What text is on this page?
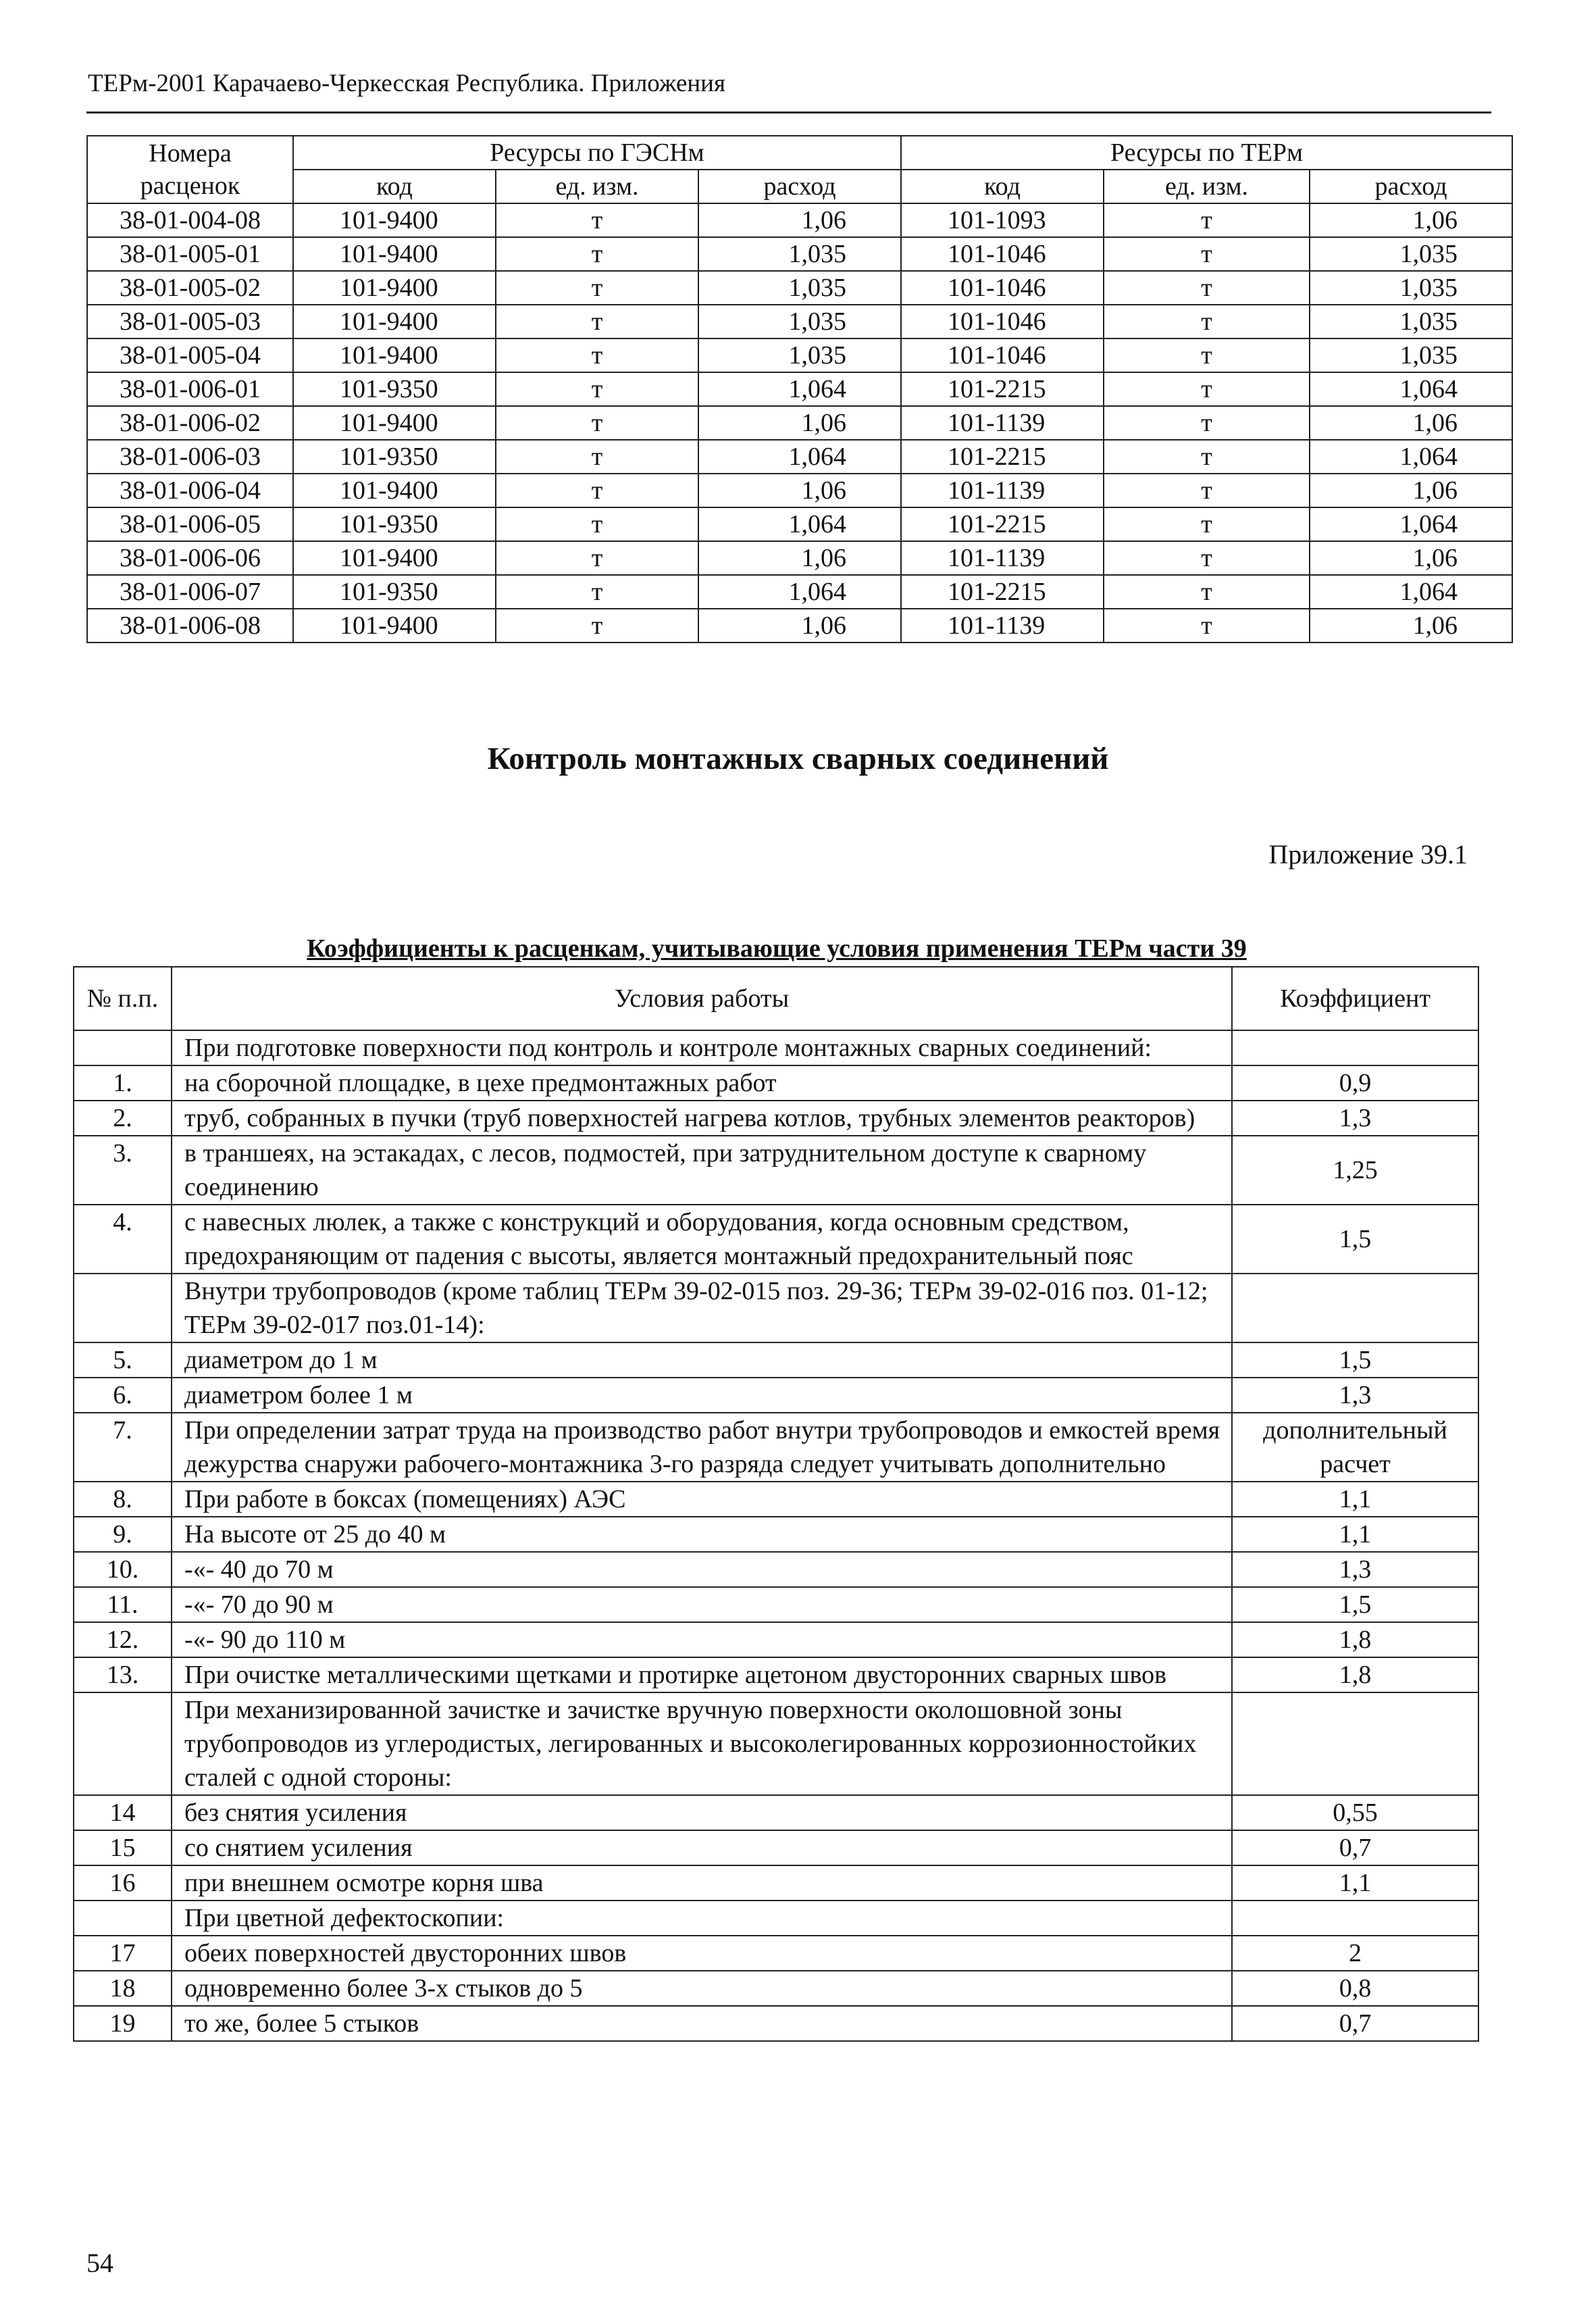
ТЕРм-2001 Карачаево-Черкесская Республика. Приложения
Номера расценок	Ресурсы по ГЭСНм			Ресурсы по ТЕРм		
	код	ед. изм.	расход	код	ед. изм.	расход
38-01-004-08	101-9400	т	1,06	101-1093	т	1,06
38-01-005-01	101-9400	т	1,035	101-1046	т	1,035
38-01-005-02	101-9400	т	1,035	101-1046	т	1,035
38-01-005-03	101-9400	т	1,035	101-1046	т	1,035
38-01-005-04	101-9400	т	1,035	101-1046	т	1,035
38-01-006-01	101-9350	т	1,064	101-2215	т	1,064
38-01-006-02	101-9400	т	1,06	101-1139	т	1,06
38-01-006-03	101-9350	т	1,064	101-2215	т	1,064
38-01-006-04	101-9400	т	1,06	101-1139	т	1,06
38-01-006-05	101-9350	т	1,064	101-2215	т	1,064
38-01-006-06	101-9400	т	1,06	101-1139	т	1,06
38-01-006-07	101-9350	т	1,064	101-2215	т	1,064
38-01-006-08	101-9400	т	1,06	101-1139	т	1,06
Контроль монтажных сварных соединений
Приложение 39.1
Коэффициенты к расценкам, учитывающие условия применения ТЕРм части 39
№ п.п.	Условия работы	Коэффициент
	При подготовке поверхности под контроль и контроле монтажных сварных соединений:	
1.	на сборочной площадке, в цехе предмонтажных работ	0,9
2.	труб, собранных в пучки (труб поверхностей нагрева котлов, трубных элементов реакторов)	1,3
3.	в траншеях, на эстакадах, с лесов, подмостей, при затруднительном доступе к сварному соединению	1,25
4.	с навесных люлек, а также с конструкций и оборудования, когда основным средством, предохраняющим от падения с высоты, является монтажный предохранительный пояс	1,5
	Внутри трубопроводов (кроме таблиц ТЕРм 39-02-015 поз. 29-36; ТЕРм 39-02-016 поз. 01-12; ТЕРм 39-02-017 поз.01-14):	
5.	диаметром до 1 м	1,5
6.	диаметром более 1 м	1,3
7.	При определении затрат труда на производство работ внутри трубопроводов и емкостей время дежурства снаружи рабочего-монтажника 3-го разряда следует учитывать дополнительно	дополнительный расчет
8.	При работе в боксах (помещениях) АЭС	1,1
9.	На высоте от 25 до 40 м	1,1
10.	-«- 40 до 70 м	1,3
11.	-«- 70 до 90 м	1,5
12.	-«- 90 до 110 м	1,8
13.	При очистке металлическими щетками и протирке ацетоном двусторонних сварных швов	1,8
	При механизированной зачистке и зачистке вручную поверхности околошовной зоны трубопроводов из углеродистых, легированных и высоколегированных коррозионностойких сталей с одной стороны:	
14	без снятия усиления	0,55
15	со снятием усиления	0,7
16	при внешнем осмотре корня шва	1,1
	При цветной дефектоскопии:	
17	обеих поверхностей двусторонних швов	2
18	одновременно более 3-х стыков до 5	0,8
19	то же, более 5 стыков	0,7
54
